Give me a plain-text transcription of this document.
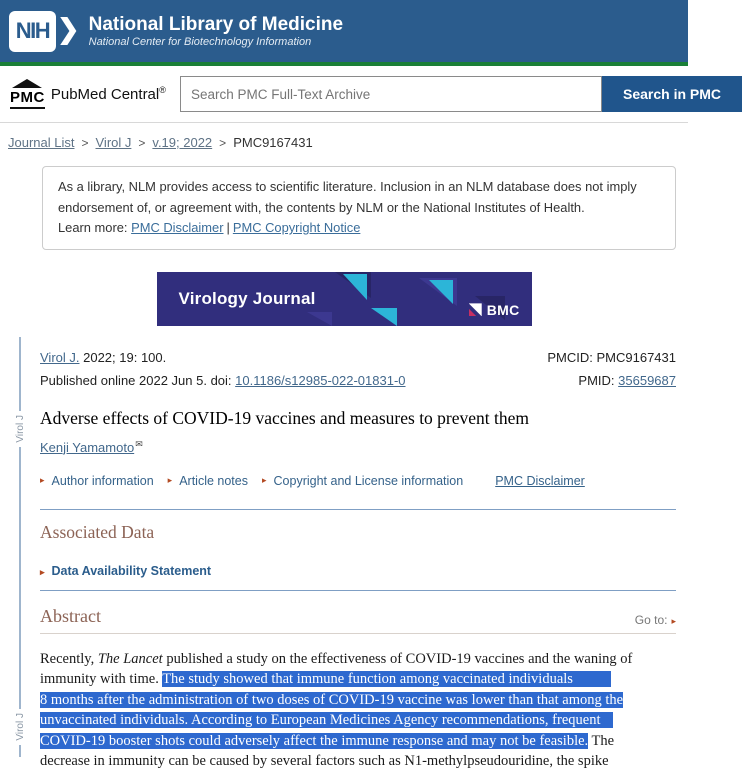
NIH ❯ National Library of Medicine
National Center for Biotechnology Information
PMC PubMed Central®
Search PMC Full-Text Archive	Search in PMC
Journal List > Virol J > v.19; 2022 > PMC9167431
As a library, NLM provides access to scientific literature. Inclusion in an NLM database does not imply endorsement of, or agreement with, the contents by NLM or the National Institutes of Health.
Learn more: PMC Disclaimer | PMC Copyright Notice
Virology Journal
BMC
Virol J. 2022; 19: 100.	PMCID: PMC9167431
Published online 2022 Jun 5. doi: 10.1186/s12985-022-01831-0	PMID: 35659687
Adverse effects of COVID-19 vaccines and measures to prevent them
Kenji Yamamoto✉
▸ Author information ▸ Article notes ▸ Copyright and License information	PMC Disclaimer
Associated Data
▸ Data Availability Statement
Abstract	Go to: ▸
Recently, The Lancet published a study on the effectiveness of COVID-19 vaccines and the waning of
immunity with time. The study showed that immune function among vaccinated individuals
8 months after the administration of two doses of COVID-19 vaccine was lower than that among the
unvaccinated individuals. According to European Medicines Agency recommendations, frequent
COVID-19 booster shots could adversely affect the immune response and may not be feasible. The
decrease in immunity can be caused by several factors such as N1-methylpseudouridine, the spike
Virol J
Virol J
